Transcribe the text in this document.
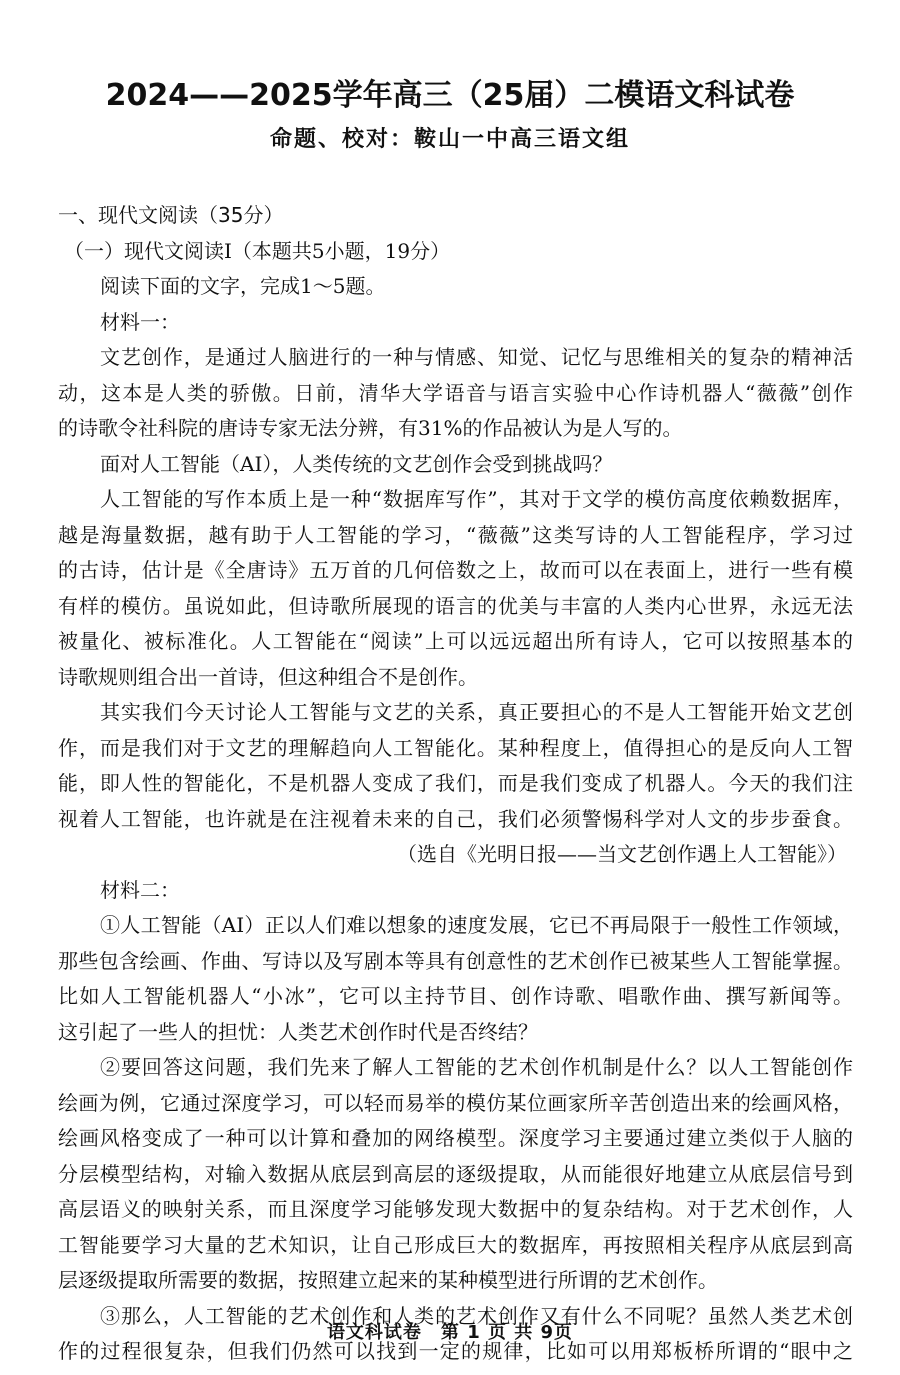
2024——2025学年高三（25届）二模语文科试卷
命题、校对：鞍山一中高三语文组
一、现代文阅读（35分）
（一）现代文阅读Ⅰ（本题共5小题，19分）
阅读下面的文字，完成1～5题。
材料一：
文艺创作，是通过人脑进行的一种与情感、知觉、记忆与思维相关的复杂的精神活
动，这本是人类的骄傲。日前，清华大学语音与语言实验中心作诗机器人“薇薇”创作
的诗歌令社科院的唐诗专家无法分辨，有31%的作品被认为是人写的。
面对人工智能（AI），人类传统的文艺创作会受到挑战吗？
人工智能的写作本质上是一种“数据库写作”，其对于文学的模仿高度依赖数据库，
越是海量数据，越有助于人工智能的学习，“薇薇”这类写诗的人工智能程序，学习过
的古诗，估计是《全唐诗》五万首的几何倍数之上，故而可以在表面上，进行一些有模
有样的模仿。虽说如此，但诗歌所展现的语言的优美与丰富的人类内心世界，永远无法
被量化、被标准化。人工智能在“阅读”上可以远远超出所有诗人，它可以按照基本的
诗歌规则组合出一首诗，但这种组合不是创作。
其实我们今天讨论人工智能与文艺的关系，真正要担心的不是人工智能开始文艺创
作，而是我们对于文艺的理解趋向人工智能化。某种程度上，值得担心的是反向人工智
能，即人性的智能化，不是机器人变成了我们，而是我们变成了机器人。今天的我们注
视着人工智能，也许就是在注视着未来的自己，我们必须警惕科学对人文的步步蚕食。
（选自《光明日报——当文艺创作遇上人工智能》）
材料二：
①人工智能（AI）正以人们难以想象的速度发展，它已不再局限于一般性工作领域，
那些包含绘画、作曲、写诗以及写剧本等具有创意性的艺术创作已被某些人工智能掌握。
比如人工智能机器人“小冰”，它可以主持节目、创作诗歌、唱歌作曲、撰写新闻等。
这引起了一些人的担忧：人类艺术创作时代是否终结？
②要回答这问题，我们先来了解人工智能的艺术创作机制是什么？以人工智能创作
绘画为例，它通过深度学习，可以轻而易举的模仿某位画家所辛苦创造出来的绘画风格，
绘画风格变成了一种可以计算和叠加的网络模型。深度学习主要通过建立类似于人脑的
分层模型结构，对输入数据从底层到高层的逐级提取，从而能很好地建立从底层信号到
高层语义的映射关系，而且深度学习能够发现大数据中的复杂结构。对于艺术创作，人
工智能要学习大量的艺术知识，让自己形成巨大的数据库，再按照相关程序从底层到高
层逐级提取所需要的数据，按照建立起来的某种模型进行所谓的艺术创作。
③那么，人工智能的艺术创作和人类的艺术创作又有什么不同呢？虽然人类艺术创
作的过程很复杂，但我们仍然可以找到一定的规律，比如可以用郑板桥所谓的“眼中之
语文科试卷　第 1 页 共 9页
